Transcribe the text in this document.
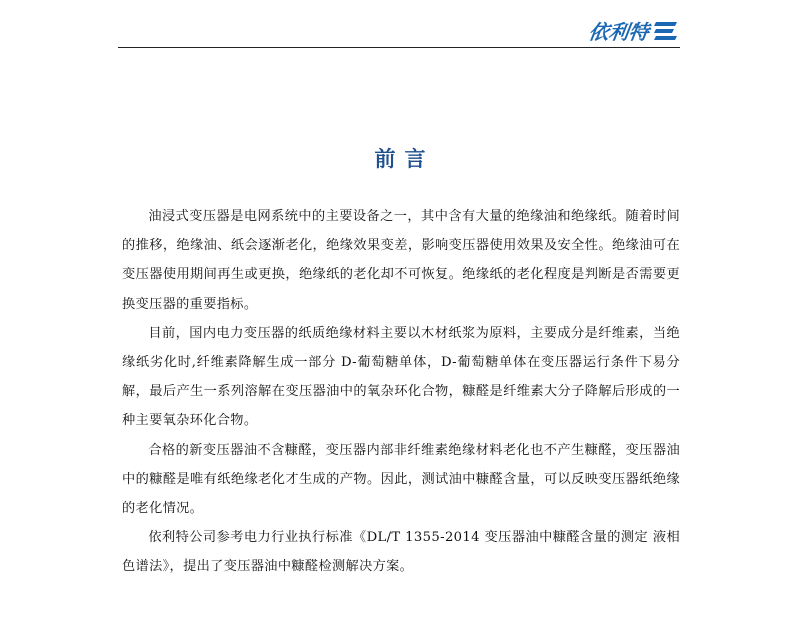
依利特
前言

油浸式变压器是电网系统中的主要设备之一，其中含有大量的绝缘油和绝缘纸。随着时间的推移，绝缘油、纸会逐渐老化，绝缘效果变差，影响变压器使用效果及安全性。绝缘油可在变压器使用期间再生或更换，绝缘纸的老化却不可恢复。绝缘纸的老化程度是判断是否需要更换变压器的重要指标。

目前，国内电力变压器的纸质绝缘材料主要以木材纸浆为原料，主要成分是纤维素，当绝缘纸劣化时,纤维素降解生成一部分 D-葡萄糖单体，D-葡萄糖单体在变压器运行条件下易分解，最后产生一系列溶解在变压器油中的氧杂环化合物，糠醛是纤维素大分子降解后形成的一种主要氧杂环化合物。

合格的新变压器油不含糠醛，变压器内部非纤维素绝缘材料老化也不产生糠醛，变压器油中的糠醛是唯有纸绝缘老化才生成的产物。因此，测试油中糠醛含量，可以反映变压器纸绝缘的老化情况。

依利特公司参考电力行业执行标准《DL/T 1355-2014 变压器油中糠醛含量的测定 液相色谱法》，提出了变压器油中糠醛检测解决方案。
